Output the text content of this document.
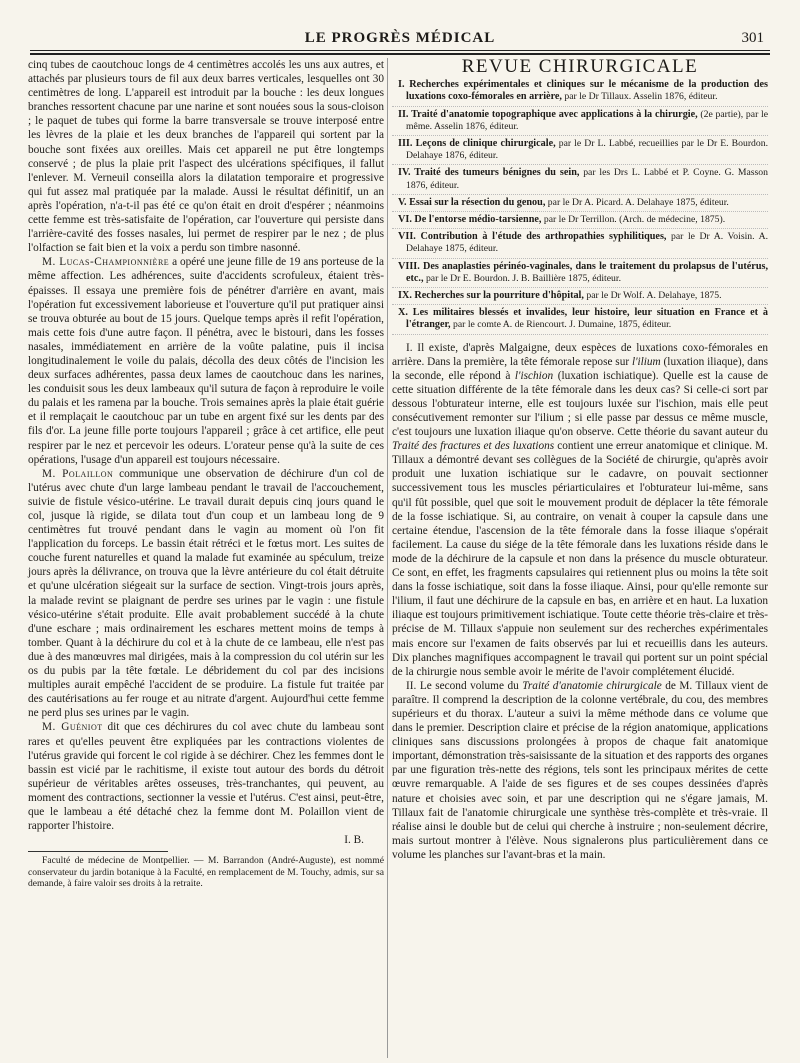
LE PROGRÈS MÉDICAL	301

cinq tubes de caoutchouc longs de 4 centimètres accolés les uns aux autres, et attachés par plusieurs tours de fil aux deux barres verticales, lesquelles ont 30 centimètres de long. L'appareil est introduit par la bouche : les deux longues branches ressortent chacune par une narine et sont nouées sous la sous-cloison ; le paquet de tubes qui forme la barre transversale se trouve interposé entre les lèvres de la plaie et les deux branches de l'appareil qui sortent par la bouche sont fixées aux oreilles. Mais cet appareil ne put être longtemps conservé ; de plus la plaie prit l'aspect des ulcérations spécifiques, il fallut l'enlever. M. Verneuil conseilla alors la dilatation temporaire et progressive qui fut assez mal pratiquée par la malade. Aussi le résultat définitif, un an après l'opération, n'a-t-il pas été ce qu'on était en droit d'espérer ; néanmoins cette femme est très-satisfaite de l'opération, car l'ouverture qui persiste dans l'arrière-cavité des fosses nasales, lui permet de respirer par le nez ; de plus l'olfaction se fait bien et la voix a perdu son timbre nasonné.

M. Lucas-Championnière a opéré une jeune fille de 19 ans porteuse de la même affection. Les adhérences, suite d'accidents scrofuleux, étaient très-épaisses. Il essaya une première fois de pénétrer d'arrière en avant, mais l'opération fut excessivement laborieuse et l'ouverture qu'il put pratiquer ainsi se trouva obturée au bout de 15 jours. Quelque temps après il refit l'opération, mais cette fois d'une autre façon. Il pénétra, avec le bistouri, dans les fosses nasales, immédiatement en arrière de la voûte palatine, puis il incisa longitudinalement le voile du palais, décolla des deux côtés de l'incision les deux surfaces adhérentes, passa deux lames de caoutchouc dans les narines, les conduisit sous les deux lambeaux qu'il sutura de façon à reproduire le voile du palais et les ramena par la bouche. Trois semaines après la plaie était guérie et il remplaçait le caoutchouc par un tube en argent fixé sur les dents par des fils d'or. La jeune fille porte toujours l'appareil ; grâce à cet artifice, elle peut respirer par le nez et percevoir les odeurs. L'orateur pense qu'à la suite de ces opérations, l'usage d'un appareil est toujours nécessaire.

M. Polaillon communique une observation de déchirure d'un col de l'utérus avec chute d'un large lambeau pendant le travail de l'accouchement, suivie de fistule vésico-utérine. Le travail durait depuis cinq jours quand le col, jusque là rigide, se dilata tout d'un coup et un lambeau long de 9 centimètres fut trouvé pendant dans le vagin au moment où l'on fit l'application du forceps. Le bassin était rétréci et le fœtus mort. Les suites de couche furent naturelles et quand la malade fut examinée au spéculum, treize jours après la délivrance, on trouva que la lèvre antérieure du col était détruite et qu'une ulcération siégeait sur la surface de section. Vingt-trois jours après, la malade revint se plaignant de perdre ses urines par le vagin : une fistule vésico-utérine s'était produite. Elle avait probablement succédé à la chute d'une eschare ; mais ordinairement les eschares mettent moins de temps à tomber. Quant à la déchirure du col et à la chute de ce lambeau, elle n'est pas due à des manœuvres mal dirigées, mais à la compression du col utérin sur les os du pubis par la tête fœtale. Le débridement du col par des incisions multiples aurait empêché l'accident de se produire. La fistule fut traitée par des cautérisations au fer rouge et au nitrate d'argent. Aujourd'hui cette femme ne perd plus ses urines par le vagin.

M. Guéniot dit que ces déchirures du col avec chute du lambeau sont rares et qu'elles peuvent être expliquées par les contractions violentes de l'utérus gravide qui forcent le col rigide à se déchirer. Chez les femmes dont le bassin est vicié par le rachitisme, il existe tout autour des bords du détroit supérieur de véritables arêtes osseuses, très-tranchantes, qui peuvent, au moment des contractions, sectionner la vessie et l'utérus. C'est ainsi, peut-être, que le lambeau a été détaché chez la femme dont M. Polaillon vient de rapporter l'histoire.

I. B.

Faculté de médecine de Montpellier. — M. Barrandon (André-Auguste), est nommé conservateur du jardin botanique à la Faculté, en remplacement de M. Touchy, admis, sur sa demande, à faire valoir ses droits à la retraite.

REVUE CHIRURGICALE

I. Recherches expérimentales et cliniques sur le mécanisme de la production des luxations coxo-fémorales en arrière, par le Dr Tillaux. Asselin 1876, éditeur.

II. Traité d'anatomie topographique avec applications à la chirurgie, (2e partie), par le même. Asselin 1876, éditeur.

III. Leçons de clinique chirurgicale, par le Dr L. Labbé, recueillies par le Dr E. Bourdon. Delahaye 1876, éditeur.

IV. Traité des tumeurs bénignes du sein, par les Drs L. Labbé et P. Coyne. G. Masson 1876, éditeur.

V. Essai sur la résection du genou, par le Dr A. Picard. A. Delahaye 1875, éditeur.

VI. De l'entorse médio-tarsienne, par le Dr Terrillon. (Arch. de médecine, 1875).

VII. Contribution à l'étude des arthropathies syphilitiques, par le Dr A. Voisin. A. Delahaye 1875, éditeur.

VIII. Des anaplasties périnéo-vaginales, dans le traitement du prolapsus de l'utérus, etc., par le Dr E. Bourdon. J. B. Baillière 1875, éditeur.

IX. Recherches sur la pourriture d'hôpital, par le Dr Wolf. A. Delahaye, 1875.

X. Les militaires blessés et invalides, leur histoire, leur situation en France et à l'étranger, par le comte A. de Riencourt. J. Dumaine, 1875, éditeur.

I. Il existe, d'après Malgaigne, deux espèces de luxations coxo-fémorales en arrière. Dans la première, la tête fémorale repose sur l'ilium (luxation iliaque), dans la seconde, elle répond à l'ischion (luxation ischiatique). Quelle est la cause de cette situation différente de la tête fémorale dans les deux cas? Si celle-ci sort par dessous l'obturateur interne, elle est toujours luxée sur l'ischion, mais elle peut consécutivement remonter sur l'ilium ; si elle passe par dessus ce même muscle, c'est toujours une luxation iliaque qu'on observe. Cette théorie du savant auteur du Traité des fractures et des luxations contient une erreur anatomique et clinique. M. Tillaux a démontré devant ses collègues de la Société de chirurgie, qu'après avoir produit une luxation ischiatique sur le cadavre, on pouvait sectionner successivement tous les muscles périarticulaires et l'obturateur lui-même, sans qu'il fût possible, quel que soit le mouvement produit de déplacer la tête fémorale de la fosse ischiatique. Si, au contraire, on venait à couper la capsule dans une certaine étendue, l'ascension de la tête fémorale dans la fosse iliaque s'opérait facilement. La cause du siége de la tête fémorale dans les luxations réside dans le mode de la déchirure de la capsule et non dans la présence du muscle obturateur. Ce sont, en effet, les fragments capsulaires qui retiennent plus ou moins la tête soit dans la fosse ischiatique, soit dans la fosse iliaque. Ainsi, pour qu'elle remonte sur l'ilium, il faut une déchirure de la capsule en bas, en arrière et en haut. La luxation iliaque est toujours primitivement ischiatique. Toute cette théorie très-claire et très-précise de M. Tillaux s'appuie non seulement sur des recherches expérimentales mais encore sur l'examen de faits observés par lui et recueillis dans les auteurs. Dix planches magnifiques accompagnent le travail qui portent sur un point spécial de la chirurgie nous semble avoir le mérite de l'avoir complétement élucidé.

II. Le second volume du Traité d'anatomie chirurgicale de M. Tillaux vient de paraître. Il comprend la description de la colonne vertébrale, du cou, des membres supérieurs et du thorax. L'auteur a suivi la même méthode dans ce volume que dans le premier. Description claire et précise de la région anatomique, applications cliniques sans discussions prolongées à propos de chaque fait anatomique important, démonstration très-saisissante de la situation et des rapports des organes par une figuration très-nette des régions, tels sont les principaux mérites de cette œuvre remarquable. A l'aide de ses figures et de ses coupes dessinées d'après nature et choisies avec soin, et par une description qui ne s'égare jamais, M. Tillaux fait de l'anatomie chirurgicale une synthèse très-complète et très-vraie. Il réalise ainsi le double but de celui qui cherche à instruire ; non-seulement décrire, mais surtout montrer à l'élève. Nous signalerons plus particulièrement dans ce volume les planches sur l'avant-bras et la main.
